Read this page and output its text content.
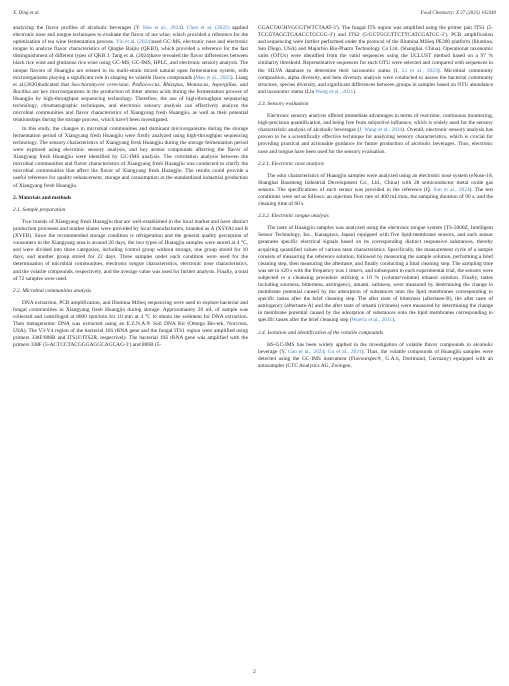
X. Ding et al.	Food Chemistry: X 27 (2025) 102340

analyzing the flavor profiles of alcoholic beverages (Y. Hao et al., 2024). Chen et al. (2022) applied electronic nose and tongue techniques to evaluate the flavor of tea wine, which provided a reference for the optimization of tea wine fermentation process. Yin et al. (2024)used GC-MS, electronic nose and electronic tongue to analyze flavor characteristics of Qingke Baijiu (QKBJ), which provided a reference for the fast distinguishment of different types of QKB J. Tang et al. (2024)have revealed the flavor differences between black rice wine and glutinous rice wine using GC-MS, GC-IMS, HPLC, and electronic sensory analysis. The unique flavors of Huangjiu are related to its multi-strain mixed natural open fermentation system, with microorganisms playing a significant role in shaping its volatile flavor compounds (Mao et al., 2025). Liang et al.(2020)indicated that Saccharomyces cerevisiae, Pediococcus, Rhizopus, Monascus, Aspergillus, and Bacillus are key microorganisms in the production of bitter amino acids during the fermentation process of Huangjiu by high-throughput sequencing technology. Therefore, the use of high-throughput sequencing technology, chromatographic techniques, and electronic sensory analysis can effectively analyze the microbial communities and flavor characteristics of Xiangyang fresh Huangjiu, as well as their potential relationships during the storage process, which have't been investigated.

In this study, the changes in microbial communities and dominant microorganisms during the storage fermentation period of Xiangyang fresh Huangjiu were firstly analyzed using high-throughput sequencing technology. The sensory characteristics of Xiangyang fresh Huangjiu during the storage fermentation period were explored using electronic sensory analysis, and key aroma compounds affecting the flavor of Xiangyang fresh Huangjiu were identified by GC-IMS analysis. The correlation analysis between the microbial communities and flavor characteristics of Xiangyang fresh Huangjiu was conducted to clarify the microbial communities that affect the flavor of Xiangyang fresh Huangjiu. The results could provide a useful reference for quality enhancement, storage and consumption in the standardized industrial production of Xiangyang fresh Huangjiu.

2. Materials and methods
2.1. Sample preparation

Two brands of Xiangyang fresh Huangjiu that are well-established in the local market and have distinct production processes and market shares were provided by local manufacturers, branded as A (XYFA) and B (XYFB). Since the recommended storage condition is refrigeration and the general quality perception of consumers in the Xiangyang area is around 20 days, the two types of Huangjiu samples were stored at 4 °C, and were divided into three categories, including control group without storage, one group stored for 10 days, and another group stored for 22 days. Three samples under each condition were used for the determination of microbial communities, electronic tongue characteristics, electronic nose characteristics, and the volatile compounds, respectively, and the average value was used for further analysis. Finally, a total of 72 samples were used.

2.2. Microbial communities analysis

DNA extraction, PCR amplification, and Illumina MiSeq sequencing were used to explore bacterial and fungal communities in Xiangyang fresh Huangjiu during storage. Approximately 20 mL of sample was collected and centrifuged at 8000 rpm/min for 10 min at 4 °C to obtain the sediment for DNA extraction. Then metagenomic DNA was extracted using an E.Z.N.A.® Soil DNA Kit (Omega Bio-tek, Norcross, USA). The V3-V4 region of the bacterial 16S rRNA gene and the fungal ITS1 region were amplified using primers 338F/806R and ITS1F/ITS2R, respectively. The bacterial 16S rRNA gene was amplified with the primers 338F (5-ACTCCTACGGGAGGCAGCAG-3′) and 806R (5-

GGACTACHVGGGTWTCTAAT-3′). The fungal ITS region was amplified using the primer pair ITS1 (5-TCCGTAGGTGAACCTGCGG-3′) and ITS2 (5-GCTGCGTTCTTCATCGATGC-3′). PCR amplification and sequencing were further performed under the protocol of the Illumina MiSeq PE300 platform (Illumina, San Diego, USA) and Majorbio Bio-Pharm Technology Co Ltd. (Shanghai, China). Operational taxonomic units (OTUs) were identified from the valid sequences using the UCLUST method based on a 97 % similarity threshold. Representative sequences for each OTU were selected and compared with sequences in the SILVA database to determine their taxonomic status (J. Li et al., 2023). Microbial community composition, alpha diversity, and beta diversity analysis were conducted to assess the bacterial community structure, species diversity, and significant differences between groups in samples based on OTU abundance and taxonomic status (Lin Wang et al., 2021).

2.3. Sensory evaluation

Electronic sensory analysis offered immediate advantages in terms of real-time, continuous monitoring, high-precision quantification, and being free from subjective influence, which is widely used for the sensory characteristic analysis of alcoholic beverages (J. Wang et al., 2024). Overall, electronic sensory analysis has proven to be a scientifically effective technique for analyzing sensory characteristics, which is crucial for providing practical and actionable guidance for future production of alcoholic beverages. Thus, electronic nose and tongue have been used for the sensory evaluation.

2.3.1. Electronic nose analysis

The odor characteristics of Huangjiu samples were analyzed using an electronic nose system (eNose-18, Shanghai Baosheng Industrial Development Co., Ltd., China) with 28 semiconductor metal oxide gas sensors. The specifications of each sensor was provided in the reference (Q. Sun et al., 2024). The test conditions were set as follows: an injection flow rate of 400 mL/min, the sampling duration of 90 s, and the cleaning time of 60 s.

2.3.2. Electronic tongue analysis

The taste of Huangjiu samples was analyzed using the electronic tongue system (TS-5000Z, Intelligent Sensor Technology, Inc., Kanagawa, Japan) equipped with five lipid-membrane sensors, and each sensor generates specific electrical signals based on its corresponding distinct responsive substances, thereby acquiring quantified values of various taste characteristics. Specifically, the measurement cycle of a sample consists of measuring the reference solution, followed by measuring the sample solution, performing a brief cleaning step, then measuring the aftertaste, and finally conducting a final cleaning step. The sampling time was set to 120 s with the frequency was 1 time/s, and subsequent to each experimental trial, the sensors were subjected to a cleansing procedure utilizing a 10 % (volume/volume) ethanol solution. Finally, tastes including sourness, bitterness, astringency, umami, saltiness, were measured by determining the change in membrane potential caused by the adsorption of substances onto the lipid membranes corresponding to specific tastes after the brief cleaning step. The after taste of bitterness (aftertaste-B), the after taste of astringency (aftertaste-A) and the after taste of umami (richness) were measured by determining the change in membrane potential caused by the adsorption of substances onto the lipid membranes corresponding to specific tastes after the brief cleaning step (Woertz et al., 2011).

2.4. Isolation and identification of the volatile compounds

HS-GC-IMS has been widely applied in the investigation of volatile flavor compounds in alcoholic beverage (Y. Gao et al., 2024; Gu et al., 2021). Thus, the volatile compounds of Huangjiu samples were detected using the GC-IMS instrument (Flavourspec®, G.A.S, Dortmund, Germany) equipped with an autosampler (CTC Analytics AG, Zwingen,

2
